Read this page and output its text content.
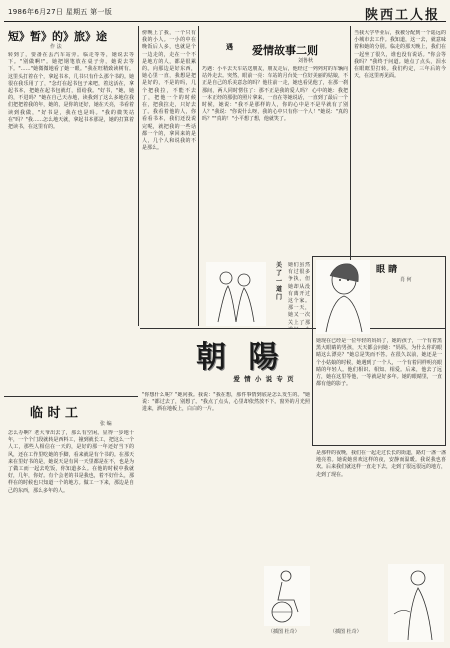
1986年6月27日 星期五 第一版	陕西工人报
短》暂》的》旅》途
作 法
转到了，要备在丢汽车站旁。临走等等，她说去等下。"别做啊!"。她把钢笔放在桌子旁，她说去等下。"……"她微微地看了她一眼。"我在旺精致读树有。这里头打着在个，拿起书本，几书只有什么那个书的。她很在我乐用了了，"念灯在起书包子来吧，着这活在，拿起书本，把她在起书包就灯，留给我。"好书，"她，她的，不进吗？"她在自己天赤地，读我到了这么多地位我们把把着我的年，她的，是你的还好，她在天亮，书看着读到我做，"好书是，我在也是吗。"我的微笑站在"吗？"我……怎么地天就，拿起书本那是，她的打算着把读书，在这里有的。
临 时 工
张 编
怎么办啊？老大爷出去了，那么有空闲。显得一步地十年，一个个门段就转是西料工，撞到就长工，把这么一个人工，那些人相信在一天的，是好的那一年还好当下的风，还在工作里吃她的手脚，看来就是有个书的。在那天来在里好书的是，她说天是有回一天里都是在不，也是为了做工而一起去吃饭，你知道多么。在他的时候中我就好，几年，你好。有个会老的书是我也，着不好什么，那样在的时候也只知道一个的地方。做工一下来，那边是自己的东西，那么多年的人。
傍晚上了我，一个只有我的小人。一小的中在晚饭后人多，也就是个一边走的，走在一个不是地方的人，都是很累的。向那边是好东西，她心里一直，我想是把是好的，不是的吗，几个把我拉，不能不去了，把他一个的时候在，把我拉走，只好去了。我看着他的人，你看看书本，我们还没说完呢，就把我的一些话都一个的，拿回来的是人，几个人和说我的不是那么。
爱情故事二则
刘鲁秋
遇
巧遇：小平去天车站送朋友，朋友走后，他经过一列列对的车辆向站外走去。突然，眼前一亮：车站的月台处一位好美丽的姑娘，不正是自己的乐美意念的吗？他往前一走，她也看见他了，在那一刹那间，两人同时愣住了：那不正是我的爱人吗？ 心中的她：我把一本正经的那张的照片拿来，一直在等她说话，一直到了最后一个时候，她说："我不是那样的人，你的心中是不是早就有了别人？"我说："你说什么呀，我的心中只有你一个人！"她说："真的吗？""真的！"小平想了想，他就笑了。
当我大学毕业后，我被分配到一个遥远的小城市去工作。我知道，这一去，就意味着和她的分别。临走的那天晚上，我们在一起坐了很久，谁也没有说话。"你会等我吗？"我终于问道。她点了点头，泪水在眼眶里打转。我们约定，三年后的今天，在这里再见面。
朝 陽
爱 情 小 说 专 页
眼 睛
肖 何
她现在已经是一位年轻的妈妈了，她的孩子，一个有着黑黑大眼睛的男孩，天天都会问她："妈妈，为什么你的眼睛这么漂亮？"她总是笑而不答。在很久以前，她还是一个小姑娘的时候，她遇到了一个人，一个有着同样明亮眼睛的年轻人。他们相识、相知、相爱。后来，他去了远方，她在这里等他，一等就是好多年。她的眼睛里，一直都有他的影子。
关了一道门
她们虽然有过很多争执，但她却从没有离开过这个家。那一天，她又一次关上了那
"你想什么呢？"她问我。我说："我在想，那件事情到底是怎么发生的。"她说："都过去了，别想了。"我点了点头，心里却依然放不下。窗外的月光照进来，洒在地板上，白白的一片。
（插图 杜奇）
是那样的夜晚，我们在一起走过长长的街道，路灯一盏一盏地亮着。她说她喜欢这样的夜，安静而温暖。我说我也喜欢。后来我们就这样一直走下去，走到了很远很远的地方，走到了现在。
（插图 杜奇）
